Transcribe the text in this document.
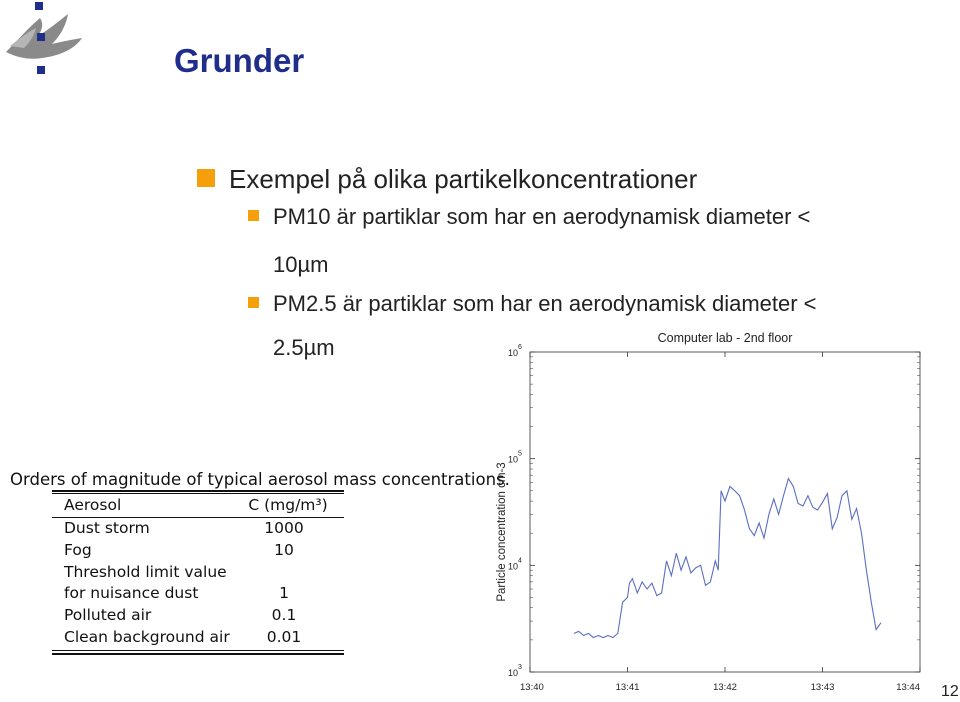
Grunder
Exempel på olika partikelkoncentrationer
PM10 är partiklar som har en aerodynamisk diameter <
10µm
PM2.5 är partiklar som har en aerodynamisk diameter <
2.5µm
Orders of magnitude of typical aerosol mass concentrations.
Aerosol	C (mg/m³)
Dust storm	1000
Fog	10
Threshold limit value
for nuisance dust	1
Polluted air	0.1
Clean background air	0.01
Computer lab - 2nd floor
10
3
10
4
10
5
10
6
13:40	13:41	13:42	13:43	13:44
Particle concentration cm-3
12
